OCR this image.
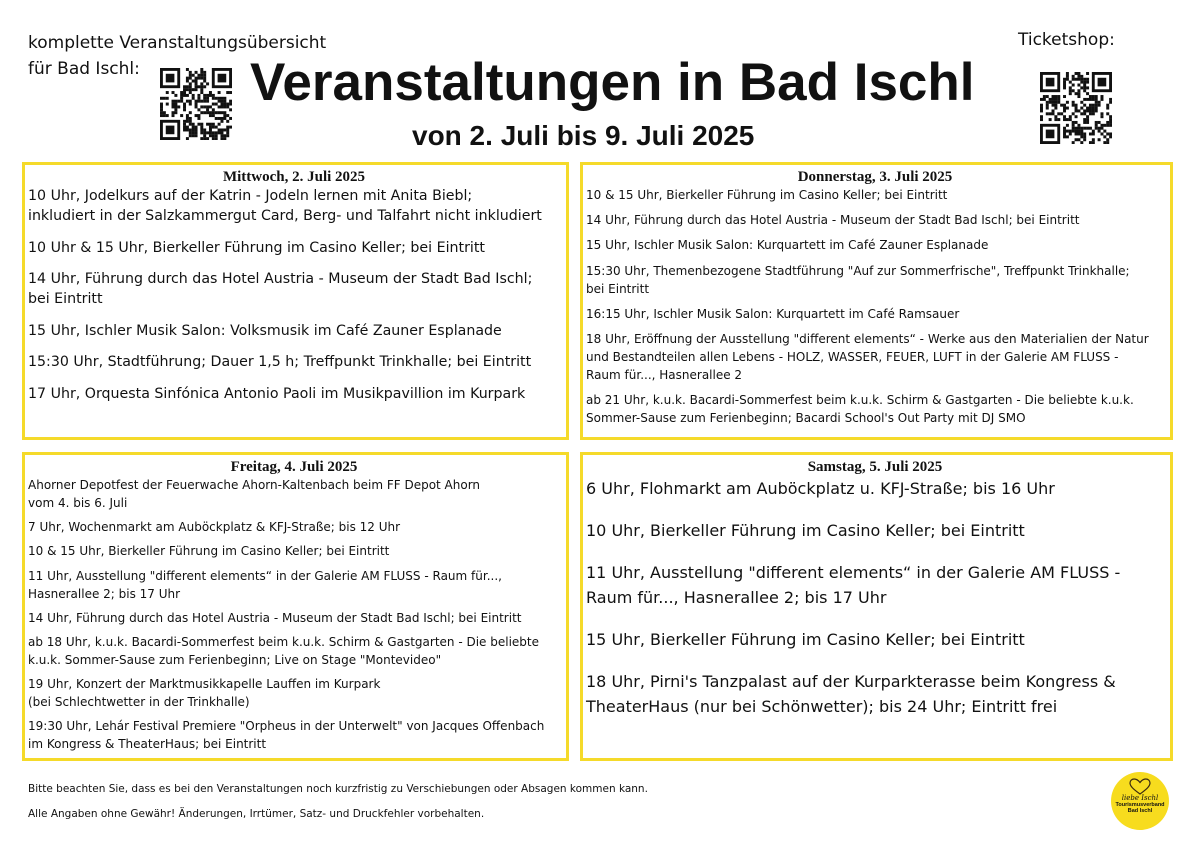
komplette Veranstaltungsübersicht
für Bad Ischl:
Ticketshop:
Veranstaltungen in Bad Ischl
von 2. Juli bis 9. Juli 2025
Mittwoch, 2. Juli 2025

10 Uhr, Jodelkurs auf der Katrin - Jodeln lernen mit Anita Biebl;
inkludiert in der Salzkammergut Card, Berg- und Talfahrt nicht inkludiert

10 Uhr & 15 Uhr, Bierkeller Führung im Casino Keller; bei Eintritt

14 Uhr, Führung durch das Hotel Austria - Museum der Stadt Bad Ischl;
bei Eintritt

15 Uhr, Ischler Musik Salon: Volksmusik im Café Zauner Esplanade

15:30 Uhr, Stadtführung; Dauer 1,5 h; Treffpunkt Trinkhalle; bei Eintritt

17 Uhr, Orquesta Sinfónica Antonio Paoli im Musikpavillion im Kurpark

Donnerstag, 3. Juli 2025

10 & 15 Uhr, Bierkeller Führung im Casino Keller; bei Eintritt

14 Uhr, Führung durch das Hotel Austria - Museum der Stadt Bad Ischl; bei Eintritt

15 Uhr, Ischler Musik Salon: Kurquartett im Café Zauner Esplanade

15:30 Uhr, Themenbezogene Stadtführung "Auf zur Sommerfrische", Treffpunkt Trinkhalle;
bei Eintritt

16:15 Uhr, Ischler Musik Salon: Kurquartett im Café Ramsauer

18 Uhr, Eröffnung der Ausstellung "different elements“ - Werke aus den Materialien der Natur
und Bestandteilen allen Lebens - HOLZ, WASSER, FEUER, LUFT in der Galerie AM FLUSS -
Raum für..., Hasnerallee 2

ab 21 Uhr, k.u.k. Bacardi-Sommerfest beim k.u.k. Schirm & Gastgarten - Die beliebte k.u.k.
Sommer-Sause zum Ferienbeginn; Bacardi School's Out Party mit DJ SMO

Freitag, 4. Juli 2025

Ahorner Depotfest der Feuerwache Ahorn-Kaltenbach beim FF Depot Ahorn
vom 4. bis 6. Juli

7 Uhr, Wochenmarkt am Auböckplatz & KFJ-Straße; bis 12 Uhr

10 & 15 Uhr, Bierkeller Führung im Casino Keller; bei Eintritt

11 Uhr, Ausstellung "different elements“ in der Galerie AM FLUSS - Raum für...,
Hasnerallee 2; bis 17 Uhr

14 Uhr, Führung durch das Hotel Austria - Museum der Stadt Bad Ischl; bei Eintritt

ab 18 Uhr, k.u.k. Bacardi-Sommerfest beim k.u.k. Schirm & Gastgarten - Die beliebte
k.u.k. Sommer-Sause zum Ferienbeginn; Live on Stage "Montevideo"

19 Uhr, Konzert der Marktmusikkapelle Lauffen im Kurpark
(bei Schlechtwetter in der Trinkhalle)

19:30 Uhr, Lehár Festival Premiere "Orpheus in der Unterwelt" von Jacques Offenbach
im Kongress & TheaterHaus; bei Eintritt

Samstag, 5. Juli 2025

6 Uhr, Flohmarkt am Auböckplatz u. KFJ-Straße; bis 16 Uhr

10 Uhr, Bierkeller Führung im Casino Keller; bei Eintritt

11 Uhr, Ausstellung "different elements“ in der Galerie AM FLUSS -
Raum für..., Hasnerallee 2; bis 17 Uhr

15 Uhr, Bierkeller Führung im Casino Keller; bei Eintritt

18 Uhr, Pirni's Tanzpalast auf der Kurparkterasse beim Kongress &
TheaterHaus (nur bei Schönwetter); bis 24 Uhr; Eintritt frei

Bitte beachten Sie, dass es bei den Veranstaltungen noch kurzfristig zu Verschiebungen oder Absagen kommen kann.
Alle Angaben ohne Gewähr! Änderungen, Irrtümer, Satz- und Druckfehler vorbehalten.
liebe Ischl
Tourismusverband
Bad Ischl
